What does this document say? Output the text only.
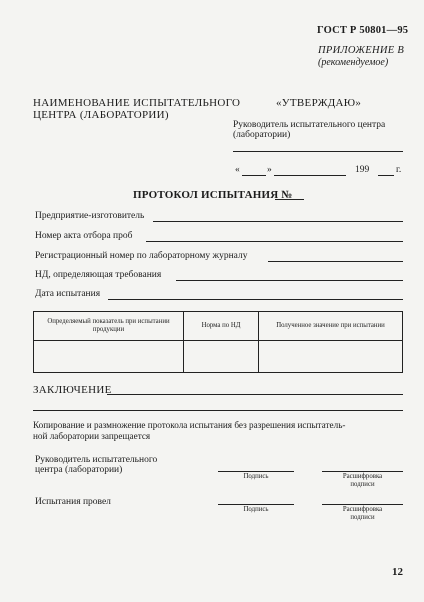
ГОСТ Р 50801—95
ПРИЛОЖЕНИЕ В
(рекомендуемое)
НАИМЕНОВАНИЕ ИСПЫТАТЕЛЬНОГО
ЦЕНТРА (ЛАБОРАТОРИИ)
«УТВЕРЖДАЮ»
Руководитель испытательного центра
(лаборатории)
«	»	199	г.
ПРОТОКОЛ ИСПЫТАНИЯ №
Предприятие-изготовитель
Номер акта отбора проб
Регистрационный номер по лабораторному журналу
НД, определяющая требования
Дата испытания
Определяемый показатель при испытании продукции	Норма по НД	Полученное значение при испытании

ЗАКЛЮЧЕНИЕ
Копирование и размножение протокола испытания без разрешения испытатель-
ной лаборатории запрещается
Руководитель испытательного
центра (лаборатории)
Подпись	Расшифровка
подписи
Испытания провел
Подпись	Расшифровка
подписи
12
